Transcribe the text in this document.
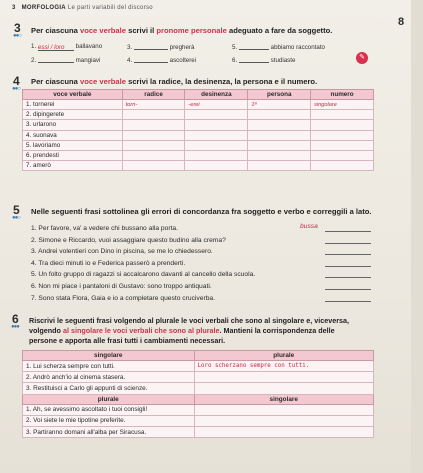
3 MORFOLOGIA Le parti variabili del discorso
3
●●○
Per ciascuna voce verbale scrivi il pronome personale adeguato a fare da soggetto.
1. essi / loro ballavano	3.	pregherà	5.	abbiamo raccontato
2.	mangiavi	4.	ascolterei	6.	studiaste	✎
8
4
●●○
Per ciascuna voce verbale scrivi la radice, la desinenza, la persona e il numero.
voce verbale	radice	desinenza	persona	numero
1. tornerei	torn-	-erei	1ª	singolare
2. dipingerete				
3. urlarono				
4. suonava				
5. lavoriamo				
6. prendesti				
7. amerò				
5
●●○
Nelle seguenti frasi sottolinea gli errori di concordanza fra soggetto e verbo e correggili a lato.
1. Per favore, va' a vedere chi bussano alla porta.
2. Simone e Riccardo, vuoi assaggiare questo budino alla crema?
3. Andrei volentieri con Dino in piscina, se me lo chiedessero.
4. Tra dieci minuti io e Federica passerò a prenderti.
5. Un folto gruppo di ragazzi si accalcarono davanti al cancello della scuola.
6. Non mi piace i pantaloni di Gustavo: sono troppo antiquati.
7. Sono stata Flora, Gaia e io a completare questo cruciverba.
bussa
6
●●●
Riscrivi le seguenti frasi volgendo al plurale le voci verbali che sono al singolare e, viceversa,
volgendo al singolare le voci verbali che sono al plurale. Mantieni la corrispondenza delle
persone e apporta alle frasi tutti i cambiamenti necessari.
singolare	plurale
1. Lui scherza sempre con tutti.	Loro scherzano sempre con tutti.
2. Andrò anch'io al cinema stasera.	
3. Restituisci a Carlo gli appunti di scienze.	
plurale	singolare
1. Ah, se avessimo ascoltato i tuoi consigli!	
2. Voi siete le mie tipotine preferite.	
3. Partiranno domani all'alba per Siracusa.	
